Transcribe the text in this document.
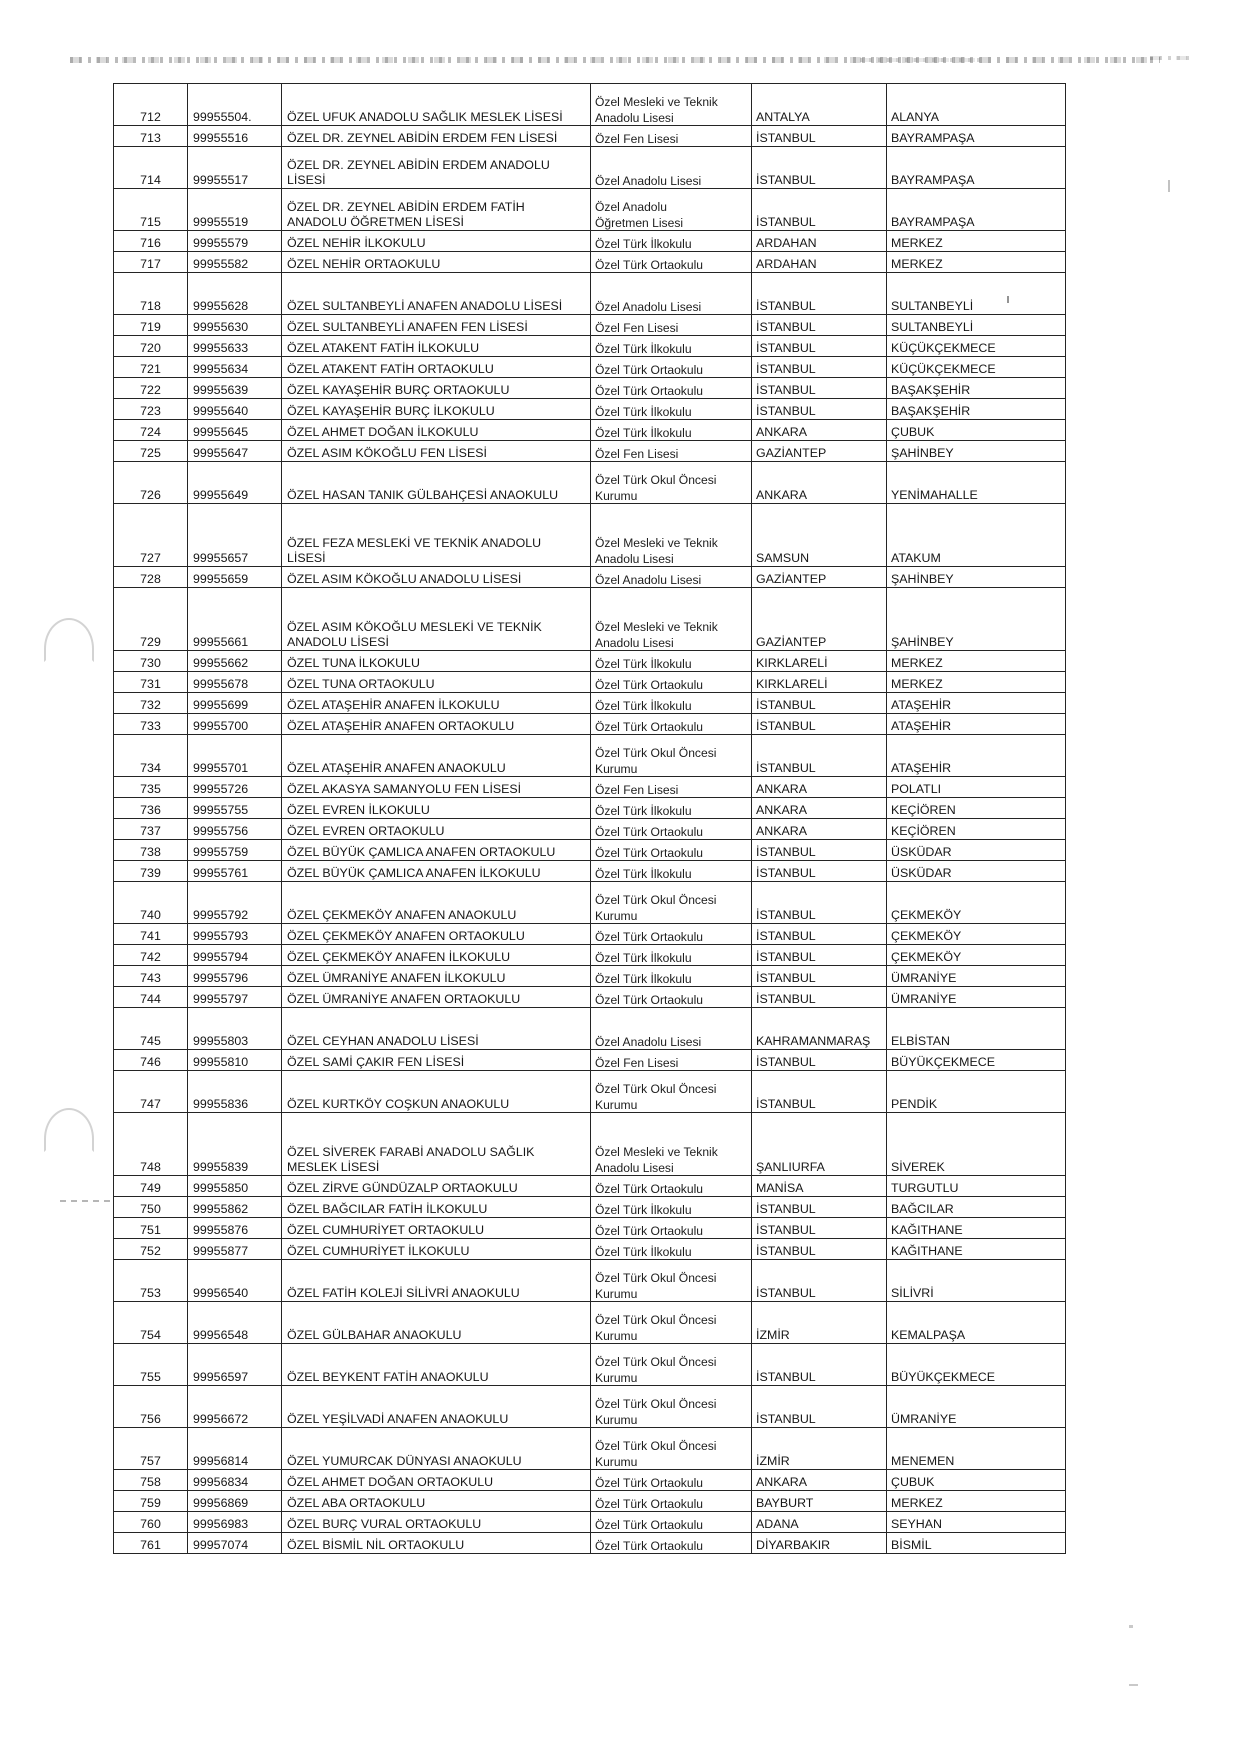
712	99955504.	ÖZEL UFUK ANADOLU SAĞLIK MESLEK LİSESİ	Özel Mesleki ve Teknik
Anadolu Lisesi	ANTALYA	ALANYA

713	99955516	ÖZEL DR. ZEYNEL ABİDİN ERDEM FEN LİSESİ	Özel Fen Lisesi	İSTANBUL	BAYRAMPAŞA

714	99955517	ÖZEL DR. ZEYNEL ABİDİN ERDEM ANADOLU
LİSESİ	Özel Anadolu Lisesi	İSTANBUL	BAYRAMPAŞA

715	99955519	ÖZEL DR. ZEYNEL ABİDİN ERDEM FATİH
ANADOLU ÖĞRETMEN LİSESİ	Özel Anadolu
Öğretmen Lisesi	İSTANBUL	BAYRAMPAŞA

716	99955579	ÖZEL NEHİR İLKOKULU	Özel Türk İlkokulu	ARDAHAN	MERKEZ

717	99955582	ÖZEL NEHİR ORTAOKULU	Özel Türk Ortaokulu	ARDAHAN	MERKEZ

718	99955628	ÖZEL SULTANBEYLİ ANAFEN ANADOLU LİSESİ	Özel Anadolu Lisesi	İSTANBUL	SULTANBEYLİ

719	99955630	ÖZEL SULTANBEYLİ ANAFEN FEN LİSESİ	Özel Fen Lisesi	İSTANBUL	SULTANBEYLİ

720	99955633	ÖZEL ATAKENT FATİH İLKOKULU	Özel Türk İlkokulu	İSTANBUL	KÜÇÜKÇEKMECE

721	99955634	ÖZEL ATAKENT FATİH ORTAOKULU	Özel Türk Ortaokulu	İSTANBUL	KÜÇÜKÇEKMECE

722	99955639	ÖZEL KAYAŞEHİR BURÇ ORTAOKULU	Özel Türk Ortaokulu	İSTANBUL	BAŞAKŞEHİR

723	99955640	ÖZEL KAYAŞEHİR BURÇ İLKOKULU	Özel Türk İlkokulu	İSTANBUL	BAŞAKŞEHİR

724	99955645	ÖZEL AHMET DOĞAN İLKOKULU	Özel Türk İlkokulu	ANKARA	ÇUBUK

725	99955647	ÖZEL ASIM KÖKOĞLU FEN LİSESİ	Özel Fen Lisesi	GAZİANTEP	ŞAHİNBEY

726	99955649	ÖZEL HASAN TANIK GÜLBAHÇESİ ANAOKULU	Özel Türk Okul Öncesi
Kurumu	ANKARA	YENİMAHALLE

727	99955657	ÖZEL FEZA MESLEKİ VE TEKNİK ANADOLU
LİSESİ	Özel Mesleki ve Teknik
Anadolu Lisesi	SAMSUN	ATAKUM

728	99955659	ÖZEL ASIM KÖKOĞLU ANADOLU LİSESİ	Özel Anadolu Lisesi	GAZİANTEP	ŞAHİNBEY

729	99955661	ÖZEL ASIM KÖKOĞLU MESLEKİ VE TEKNİK
ANADOLU LİSESİ	Özel Mesleki ve Teknik
Anadolu Lisesi	GAZİANTEP	ŞAHİNBEY

730	99955662	ÖZEL TUNA İLKOKULU	Özel Türk İlkokulu	KIRKLARELİ	MERKEZ

731	99955678	ÖZEL TUNA ORTAOKULU	Özel Türk Ortaokulu	KIRKLARELİ	MERKEZ

732	99955699	ÖZEL ATAŞEHİR ANAFEN İLKOKULU	Özel Türk İlkokulu	İSTANBUL	ATAŞEHİR

733	99955700	ÖZEL ATAŞEHİR ANAFEN ORTAOKULU	Özel Türk Ortaokulu	İSTANBUL	ATAŞEHİR

734	99955701	ÖZEL ATAŞEHİR ANAFEN ANAOKULU	Özel Türk Okul Öncesi
Kurumu	İSTANBUL	ATAŞEHİR

735	99955726	ÖZEL AKASYA SAMANYOLU FEN LİSESİ	Özel Fen Lisesi	ANKARA	POLATLI

736	99955755	ÖZEL EVREN İLKOKULU	Özel Türk İlkokulu	ANKARA	KEÇİÖREN

737	99955756	ÖZEL EVREN ORTAOKULU	Özel Türk Ortaokulu	ANKARA	KEÇİÖREN

738	99955759	ÖZEL BÜYÜK ÇAMLICA ANAFEN ORTAOKULU	Özel Türk Ortaokulu	İSTANBUL	ÜSKÜDAR

739	99955761	ÖZEL BÜYÜK ÇAMLICA ANAFEN İLKOKULU	Özel Türk İlkokulu	İSTANBUL	ÜSKÜDAR

740	99955792	ÖZEL ÇEKMEKÖY ANAFEN ANAOKULU	Özel Türk Okul Öncesi
Kurumu	İSTANBUL	ÇEKMEKÖY

741	99955793	ÖZEL ÇEKMEKÖY ANAFEN ORTAOKULU	Özel Türk Ortaokulu	İSTANBUL	ÇEKMEKÖY

742	99955794	ÖZEL ÇEKMEKÖY ANAFEN İLKOKULU	Özel Türk İlkokulu	İSTANBUL	ÇEKMEKÖY

743	99955796	ÖZEL ÜMRANİYE ANAFEN İLKOKULU	Özel Türk İlkokulu	İSTANBUL	ÜMRANİYE

744	99955797	ÖZEL ÜMRANİYE ANAFEN ORTAOKULU	Özel Türk Ortaokulu	İSTANBUL	ÜMRANİYE

745	99955803	ÖZEL CEYHAN ANADOLU LİSESİ	Özel Anadolu Lisesi	KAHRAMANMARAŞ	ELBİSTAN

746	99955810	ÖZEL SAMİ ÇAKIR FEN LİSESİ	Özel Fen Lisesi	İSTANBUL	BÜYÜKÇEKMECE

747	99955836	ÖZEL KURTKÖY COŞKUN ANAOKULU	Özel Türk Okul Öncesi
Kurumu	İSTANBUL	PENDİK

748	99955839	ÖZEL SİVEREK FARABİ ANADOLU SAĞLIK
MESLEK LİSESİ	Özel Mesleki ve Teknik
Anadolu Lisesi	ŞANLIURFA	SİVEREK

749	99955850	ÖZEL ZİRVE GÜNDÜZALP ORTAOKULU	Özel Türk Ortaokulu	MANİSA	TURGUTLU

750	99955862	ÖZEL BAĞCILAR FATİH İLKOKULU	Özel Türk İlkokulu	İSTANBUL	BAĞCILAR

751	99955876	ÖZEL CUMHURİYET ORTAOKULU	Özel Türk Ortaokulu	İSTANBUL	KAĞITHANE

752	99955877	ÖZEL CUMHURİYET İLKOKULU	Özel Türk İlkokulu	İSTANBUL	KAĞITHANE

753	99956540	ÖZEL FATİH KOLEJİ SİLİVRİ ANAOKULU	Özel Türk Okul Öncesi
Kurumu	İSTANBUL	SİLİVRİ

754	99956548	ÖZEL GÜLBAHAR ANAOKULU	Özel Türk Okul Öncesi
Kurumu	İZMİR	KEMALPAŞA

755	99956597	ÖZEL BEYKENT FATİH ANAOKULU	Özel Türk Okul Öncesi
Kurumu	İSTANBUL	BÜYÜKÇEKMECE

756	99956672	ÖZEL YEŞİLVADİ ANAFEN ANAOKULU	Özel Türk Okul Öncesi
Kurumu	İSTANBUL	ÜMRANİYE

757	99956814	ÖZEL YUMURCAK DÜNYASI ANAOKULU	Özel Türk Okul Öncesi
Kurumu	İZMİR	MENEMEN

758	99956834	ÖZEL AHMET DOĞAN ORTAOKULU	Özel Türk Ortaokulu	ANKARA	ÇUBUK

759	99956869	ÖZEL ABA ORTAOKULU	Özel Türk Ortaokulu	BAYBURT	MERKEZ

760	99956983	ÖZEL BURÇ VURAL ORTAOKULU	Özel Türk Ortaokulu	ADANA	SEYHAN

761	99957074	ÖZEL BİSMİL NİL ORTAOKULU	Özel Türk Ortaokulu	DİYARBAKIR	BİSMİL
